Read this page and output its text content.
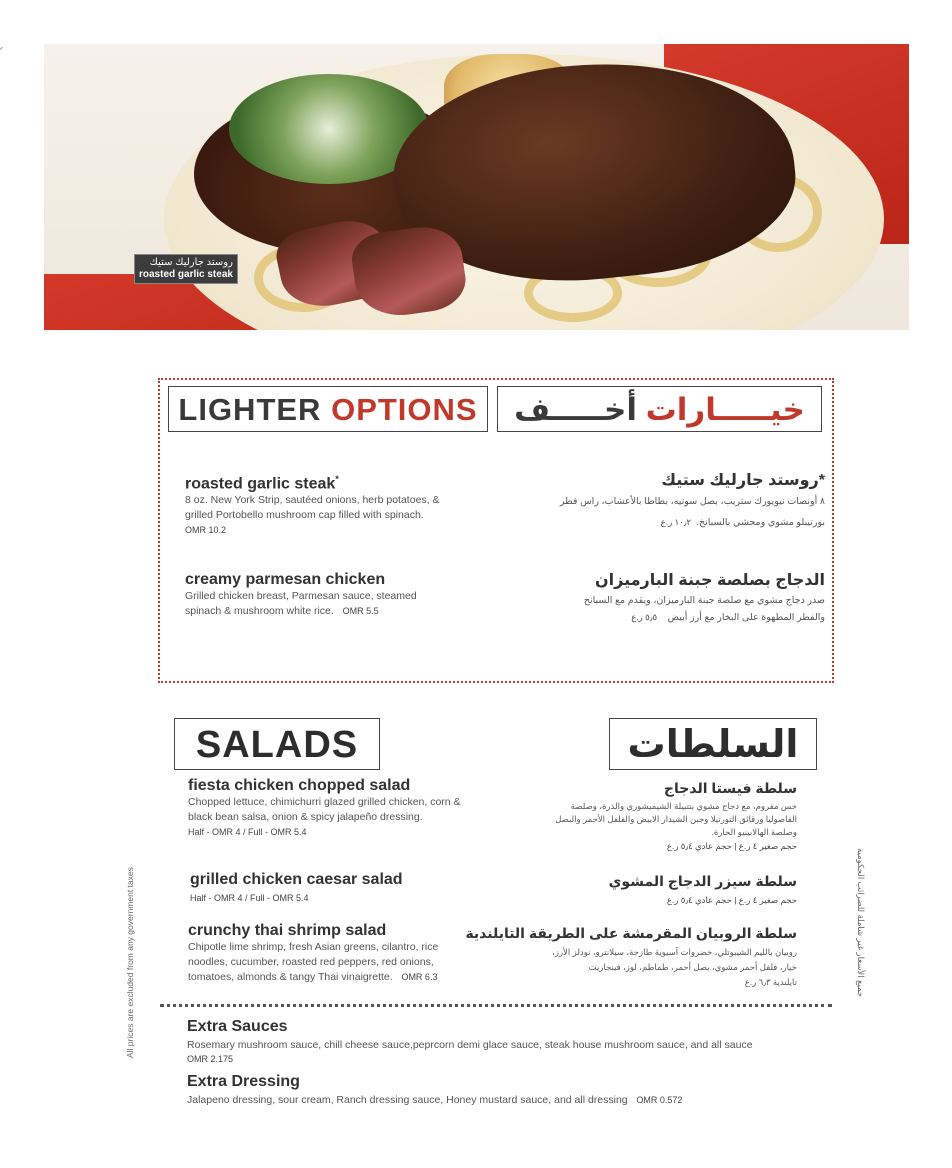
روستد جارليك ستيك
roasted garlic steak
LIGHTER OPTIONS	خيـــــارات أخـــــف
roasted garlic steak*
8 oz. New York Strip, sautéed onions, herb potatoes, &
grilled Portobello mushroom cap filled with spinach.
OMR 10.2
*روستد جارليك ستيك
٨ أونصات نيويورك ستريب، بصل سوتيه، بطاطا بالأعشاب، راس فطر
بورتيبلو مشوي ومحشي بالسبانخ.  ١٠٫٢ ر.ع
creamy parmesan chicken
Grilled chicken breast, Parmesan sauce, steamed
spinach & mushroom white rice. OMR 5.5
الدجاج بصلصة جبنة البارميزان
صدر دجاج مشوي مع صلصة جبنة البارميزان، ويقدم مع السبانخ
والفطر المطهوة على البخار مع أرز أبيض    ٥٫٥ ر.ع
SALADS	السلطات
fiesta chicken chopped salad
Chopped lettuce, chimichurri glazed grilled chicken, corn &
black bean salsa, onion & spicy jalapeño dressing.
Half - OMR 4 / Full - OMR 5.4
سلطة فيستا الدجاج
خس مفروم، مع دجاج مشوي بتتبيلة الشيميشوري والذرة، وصلصة
الفاصوليا ورقائق التورتيلا وجبن الشيدار الابيض والفلفل الأحمر والبصل
وصلصة الهالابينيو الحارة.
حجم صغير ٤ ر.ع | حجم عادي ٥٫٤ ر.ع
grilled chicken caesar salad
Half - OMR 4 / Full - OMR 5.4
سلطة سيزر الدجاج المشوي
حجم صغير ٤ ر.ع | حجم عادي ٥٫٤ ر.ع
crunchy thai shrimp salad
Chipotle lime shrimp, fresh Asian greens, cilantro, rice
noodles, cucumber, roasted red peppers, red onions,
tomatoes, almonds & tangy Thai vinaigrette. OMR 6.3
سلطة الروبيان المقرمشة على الطريقة التايلندية
روبيان بالليم الشيبوتلي، خضروات آسيوية طازجة، سيلانترو، نودلز الأرز،
خيار، فلفل أحمر مشوي، بصل أحمر، طماطم، لوز، فينجاريت
تايلندية ٦٫٣ ر.ع
Extra Sauces
Rosemary mushroom sauce, chill cheese sauce,peprcorn demi glace sauce, steak house mushroom sauce, and all sauce
OMR 2.175
Extra Dressing
Jalapeno dressing, sour cream, Ranch dressing sauce, Honey mustard sauce, and all dressing OMR 0.572
All prices are excluded from any government taxes	جميع الأسعار غير شاملة للضرائب الحكومية
